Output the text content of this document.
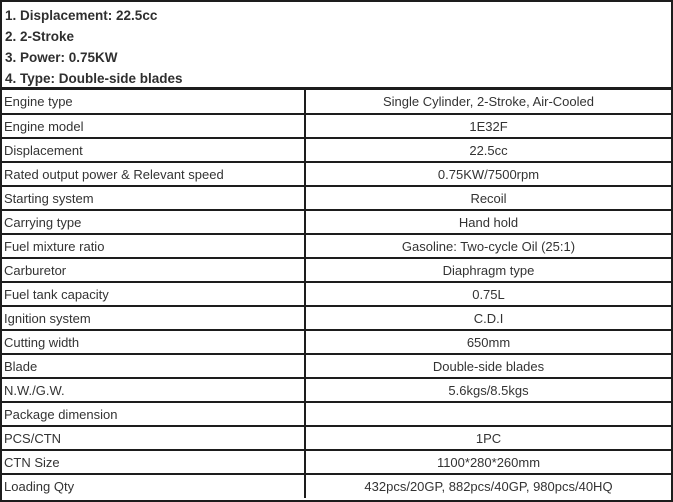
1. Displacement: 22.5cc
2. 2-Stroke
3. Power: 0.75KW
4. Type: Double-side blades
Engine type	Single Cylinder, 2-Stroke, Air-Cooled
Engine model	1E32F
Displacement	22.5cc
Rated output power & Relevant speed	0.75KW/7500rpm
Starting system	Recoil
Carrying type	Hand hold
Fuel mixture ratio	Gasoline: Two-cycle Oil (25:1)
Carburetor	Diaphragm type
Fuel tank capacity	0.75L
Ignition system	C.D.I
Cutting width	650mm
Blade	Double-side blades
N.W./G.W.	5.6kgs/8.5kgs
Package dimension	
PCS/CTN	1PC
CTN Size	1100*280*260mm
Loading Qty	432pcs/20GP, 882pcs/40GP, 980pcs/40HQ
